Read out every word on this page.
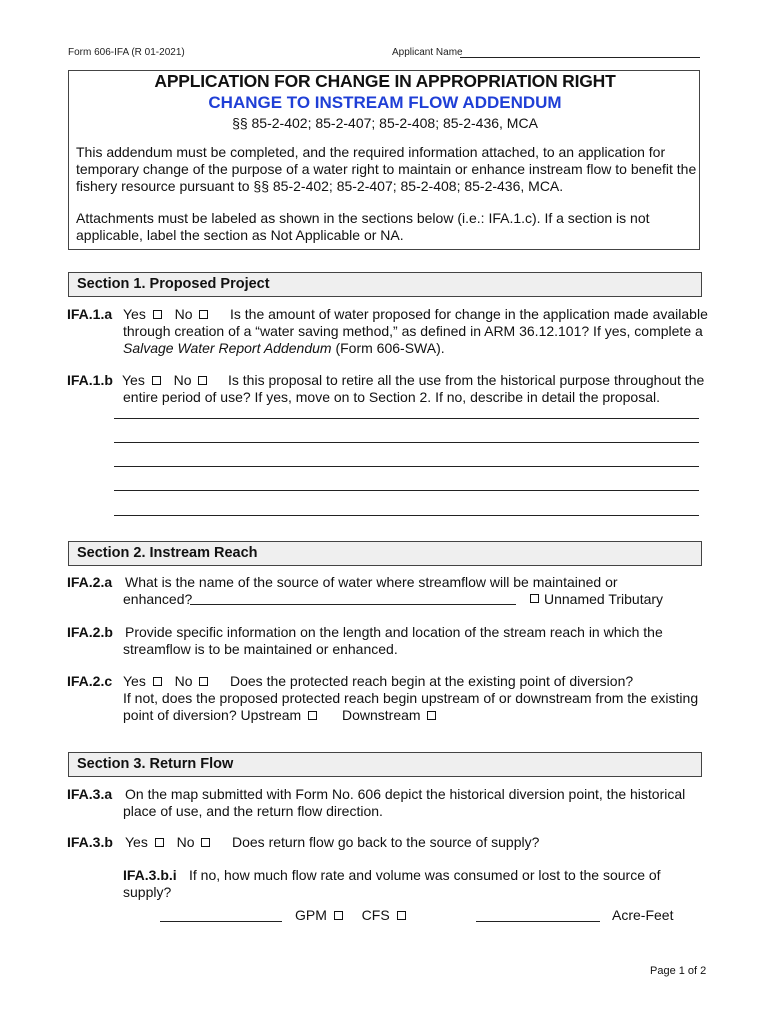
Form 606-IFA (R 01-2021)	Applicant Name
APPLICATION FOR CHANGE IN APPROPRIATION RIGHT
CHANGE TO INSTREAM FLOW ADDENDUM
§§ 85-2-402; 85-2-407; 85-2-408; 85-2-436, MCA
This addendum must be completed, and the required information attached, to an application for
temporary change of the purpose of a water right to maintain or enhance instream flow to benefit the
fishery resource pursuant to §§ 85-2-402; 85-2-407; 85-2-408; 85-2-436, MCA.
Attachments must be labeled as shown in the sections below (i.e.: IFA.1.c). If a section is not
applicable, label the section as Not Applicable or NA.
Section 1. Proposed Project
IFA.1.a Yes No	Is the amount of water proposed for change in the application made available
through creation of a “water saving method,” as defined in ARM 36.12.101? If yes, complete a
Salvage Water Report Addendum (Form 606-SWA).
IFA.1.b Yes No	Is this proposal to retire all the use from the historical purpose throughout the
entire period of use? If yes, move on to Section 2. If no, describe in detail the proposal.
Section 2. Instream Reach
IFA.2.a What is the name of the source of water where streamflow will be maintained or
enhanced?	Unnamed Tributary
IFA.2.b Provide specific information on the length and location of the stream reach in which the
streamflow is to be maintained or enhanced.
IFA.2.c Yes No	Does the protected reach begin at the existing point of diversion?
If not, does the proposed protected reach begin upstream of or downstream from the existing
point of diversion? Upstream	Downstream
Section 3. Return Flow
IFA.3.a On the map submitted with Form No. 606 depict the historical diversion point, the historical
place of use, and the return flow direction.
IFA.3.b Yes No	Does return flow go back to the source of supply?
IFA.3.b.i If no, how much flow rate and volume was consumed or lost to the source of
supply?
GPM CFS	Acre-Feet
Page 1 of 2
